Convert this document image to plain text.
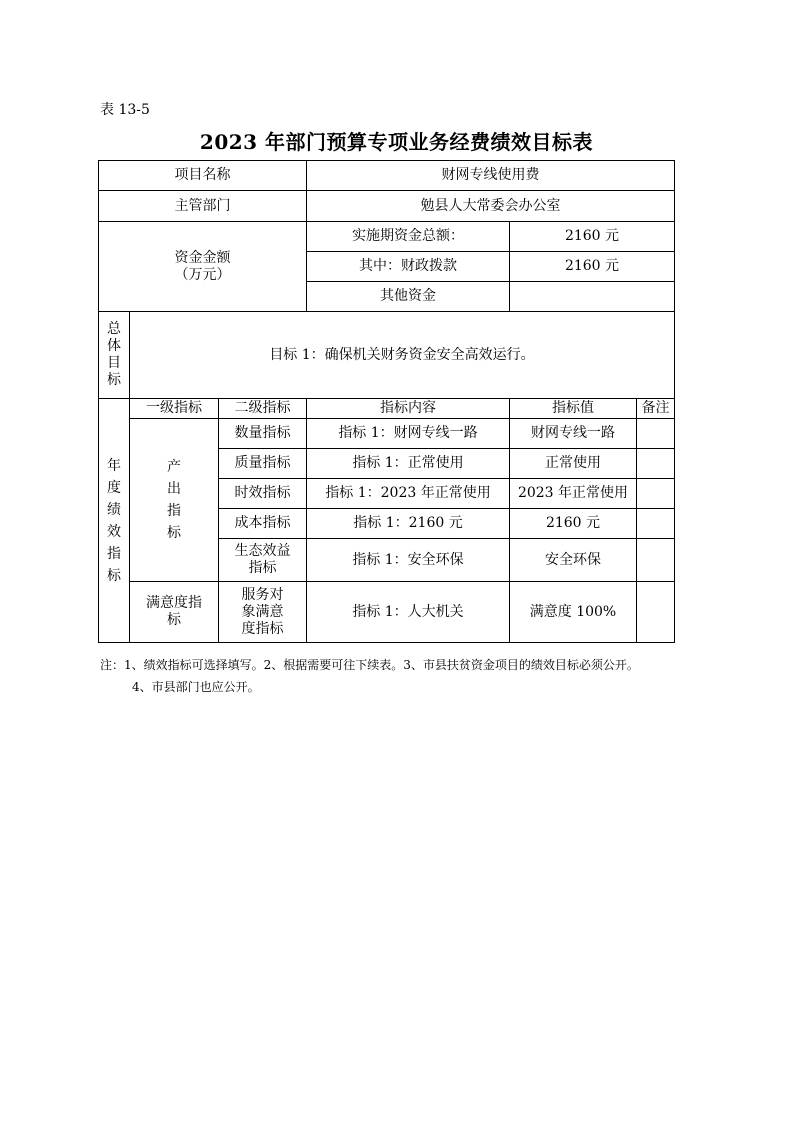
表 13-5
2023 年部门预算专项业务经费绩效目标表
项目名称			财网专线使用费		
主管部门			勉县人大常委会办公室		

资金金额
（万元）			实施期资金总额：	2160 元	
			其中：财政拨款	2160 元	
			其他资金		

总体目标	目标 1：确保机关财务资金安全高效运行。				

年度绩效指标	一级指标	二级指标	指标内容	指标值	备注

	产出指标	数量指标	指标 1：财网专线一路	财网专线一路	
		质量指标	指标 1：正常使用	正常使用	
		时效指标	指标 1：2023 年正常使用	2023 年正常使用	
		成本指标	指标 1：2160 元	2160 元	
		生态效益指标	指标 1：安全环保	安全环保	
	满意度指标	服务对象满意度指标	指标 1：人大机关	满意度 100%	
注：1、绩效指标可选择填写。2、根据需要可往下续表。3、市县扶贫资金项目的绩效目标必须公开。
4、市县部门也应公开。
